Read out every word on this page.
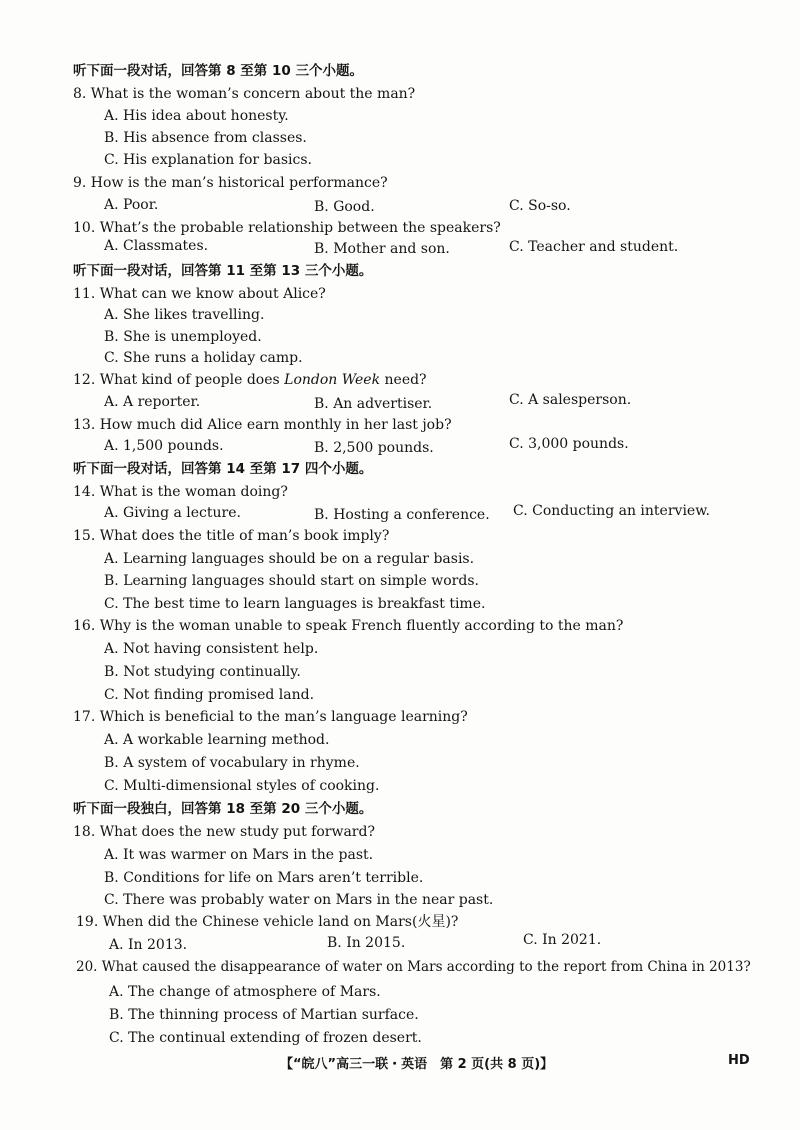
听下面一段对话，回答第 8 至第 10 三个小题。
8. What is the woman’s concern about the man?
A. His idea about honesty.
B. His absence from classes.
C. His explanation for basics.
9. How is the man’s historical performance?
A. Poor.	B. Good.	C. So-so.
10. What’s the probable relationship between the speakers?
A. Classmates.	B. Mother and son.	C. Teacher and student.
听下面一段对话，回答第 11 至第 13 三个小题。
11. What can we know about Alice?
A. She likes travelling.
B. She is unemployed.
C. She runs a holiday camp.
12. What kind of people does London Week need?
A. A reporter.	B. An advertiser.	C. A salesperson.
13. How much did Alice earn monthly in her last job?
A. 1,500 pounds.	B. 2,500 pounds.	C. 3,000 pounds.
听下面一段对话，回答第 14 至第 17 四个小题。
14. What is the woman doing?
A. Giving a lecture.	B. Hosting a conference. C. Conducting an interview.
15. What does the title of man’s book imply?
A. Learning languages should be on a regular basis.
B. Learning languages should start on simple words.
C. The best time to learn languages is breakfast time.
16. Why is the woman unable to speak French fluently according to the man?
A. Not having consistent help.
B. Not studying continually.
C. Not finding promised land.
17. Which is beneficial to the man’s language learning?
A. A workable learning method.
B. A system of vocabulary in rhyme.
C. Multi-dimensional styles of cooking.
听下面一段独白，回答第 18 至第 20 三个小题。
18. What does the new study put forward?
A. It was warmer on Mars in the past.
B. Conditions for life on Mars aren’t terrible.
C. There was probably water on Mars in the near past.
19. When did the Chinese vehicle land on Mars(火星)?
A. In 2013.	B. In 2015.	C. In 2021.
20. What caused the disappearance of water on Mars according to the report from China in 2013?
A. The change of atmosphere of Mars.
B. The thinning process of Martian surface.
C. The continual extending of frozen desert.
【“皖八”高三一联・英语　第 2 页(共 8 页)】	HD
